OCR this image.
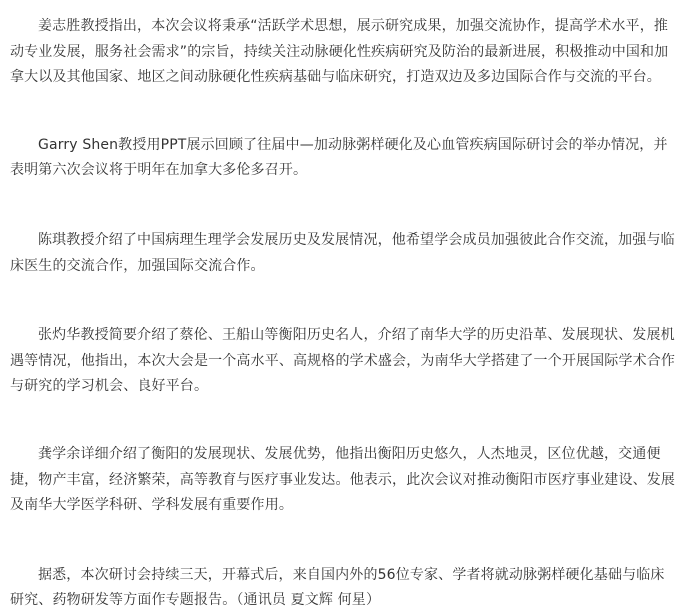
姜志胜教授指出，本次会议将秉承“活跃学术思想，展示研究成果，加强交流协作，提高学术水平，推动专业发展，服务社会需求”的宗旨，持续关注动脉硬化性疾病研究及防治的最新进展，积极推动中国和加拿大以及其他国家、地区之间动脉硬化性疾病基础与临床研究，打造双边及多边国际合作与交流的平台。

Garry Shen教授用PPT展示回顾了往届中—加动脉粥样硬化及心血管疾病国际研讨会的举办情况，并表明第六次会议将于明年在加拿大多伦多召开。

陈琪教授介绍了中国病理生理学会发展历史及发展情况，他希望学会成员加强彼此合作交流，加强与临床医生的交流合作，加强国际交流合作。

张灼华教授简要介绍了蔡伦、王船山等衡阳历史名人，介绍了南华大学的历史沿革、发展现状、发展机遇等情况，他指出，本次大会是一个高水平、高规格的学术盛会，为南华大学搭建了一个开展国际学术合作与研究的学习机会、良好平台。

龚学余详细介绍了衡阳的发展现状、发展优势，他指出衡阳历史悠久，人杰地灵，区位优越，交通便捷，物产丰富，经济繁荣，高等教育与医疗事业发达。他表示，此次会议对推动衡阳市医疗事业建设、发展及南华大学医学科研、学科发展有重要作用。

据悉，本次研讨会持续三天，开幕式后，来自国内外的56位专家、学者将就动脉粥样硬化基础与临床研究、药物研发等方面作专题报告。（通讯员 夏文辉 何星）
